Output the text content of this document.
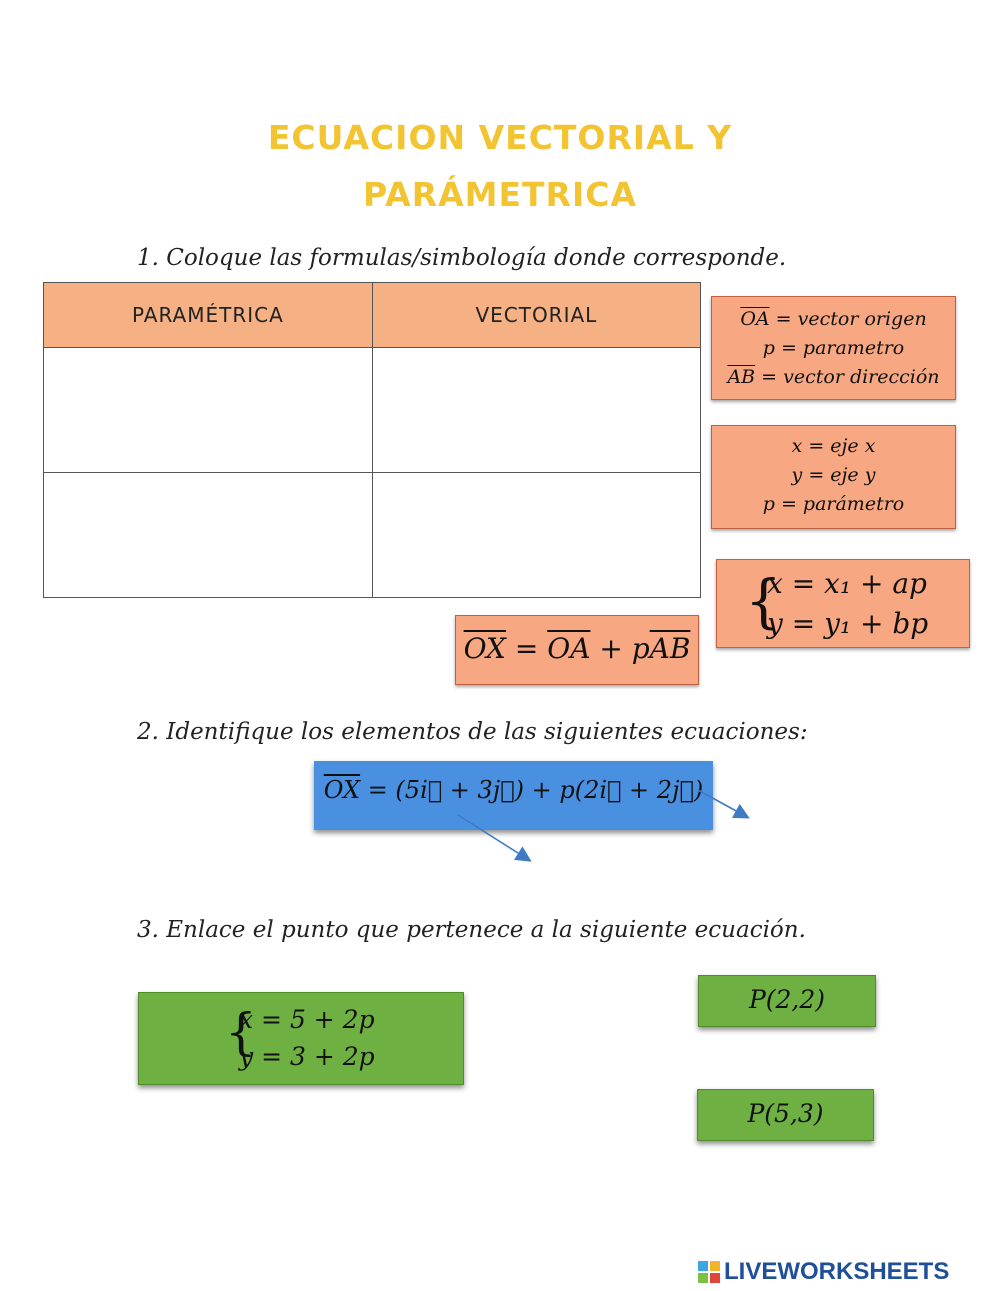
ECUACION VECTORIAL Y
PARÁMETRICA
1. Coloque las formulas/simbología donde corresponde.
PARAMÉTRICA	VECTORIAL

		$\overline{OA}$ = vector origen
p = parametro
$\overline{AB}$ = vector dirección
x = eje x
y = eje y
p = parámetro
{
x = x₁ + ap
y = y₁ + bp
$\overline{OX} = \overline{OA} + p\overline{AB}$
2. Identifique los elementos de las siguientes ecuaciones:
$\overline{OX}$ = (5i⃗ + 3j⃗) + p(2i⃗ + 2j⃗)
3. Enlace el punto que pertenece a la siguiente ecuación.
{
x = 5 + 2p
y = 3 + 2p
P(2,2)
P(5,3)
LIVEWORKSHEETS
